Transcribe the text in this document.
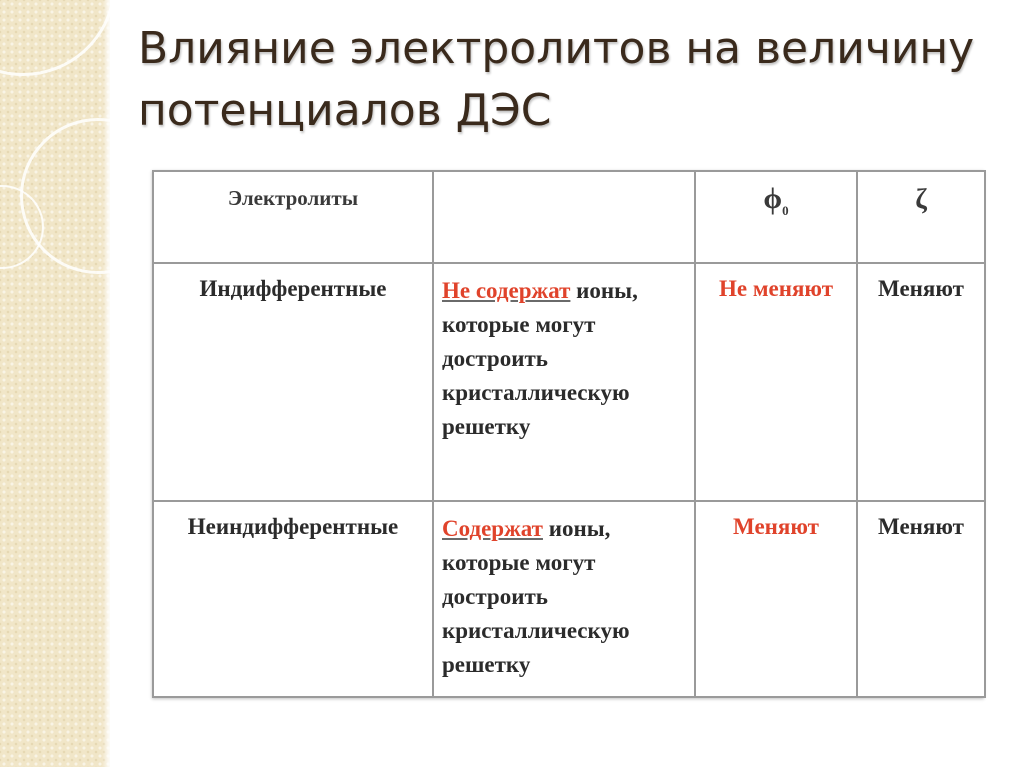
Влияние электролитов на величину потенциалов ДЭС
Электролиты		$\phi_0$	ζ
Индифферентные	Не содержат ионы, которые могут достроить кристаллическую решетку	Не меняют	Меняют
Неиндифферентные	Содержат ионы, которые могут достроить кристаллическую решетку	Меняют	Меняют
